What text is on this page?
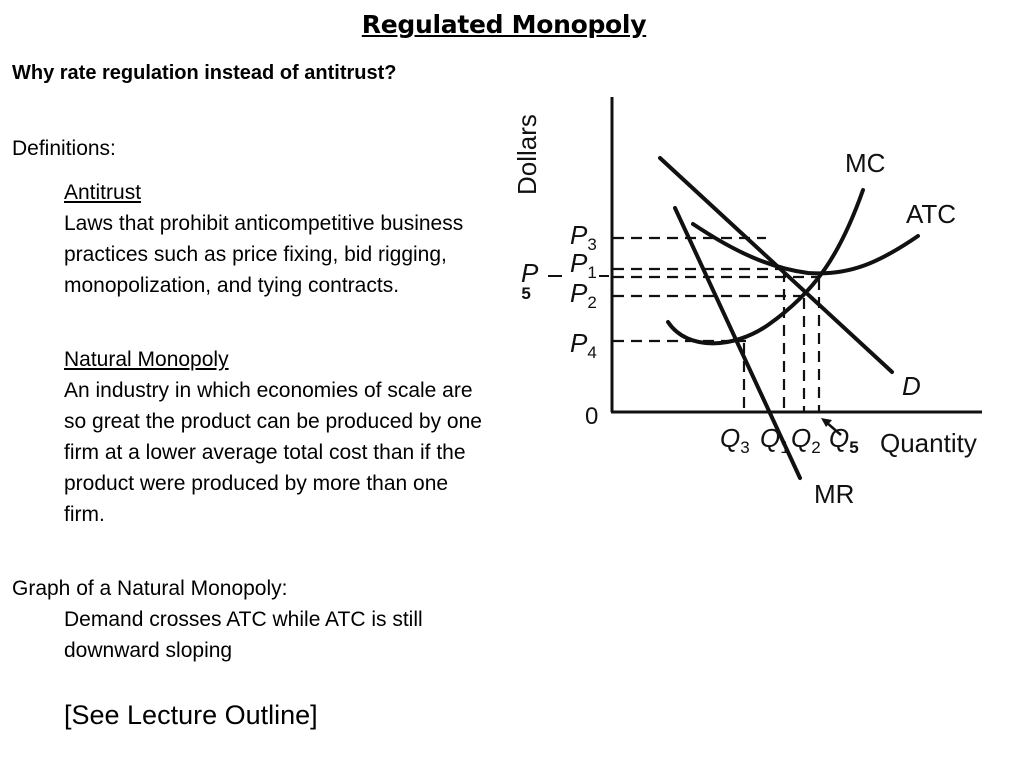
Regulated Monopoly
Why rate regulation instead of antitrust?
Definitions:
Antitrust
Laws that prohibit anticompetitive business practices such as price fixing, bid rigging, monopolization, and tying contracts.
Natural Monopoly
An industry in which economies of scale are so great the product can be produced by one firm at a lower average total cost than if the product were produced by more than one firm.
Graph of a Natural Monopoly:
Demand crosses ATC while ATC is still downward sloping
[See Lecture Outline]
Dollars
Quantity
0
MC
ATC
D
MR
$P_3$
$P_1$
P 5	$P_2$
$P_4$
$Q_3$ $Q_1$ $Q_2$ $Q_5$
